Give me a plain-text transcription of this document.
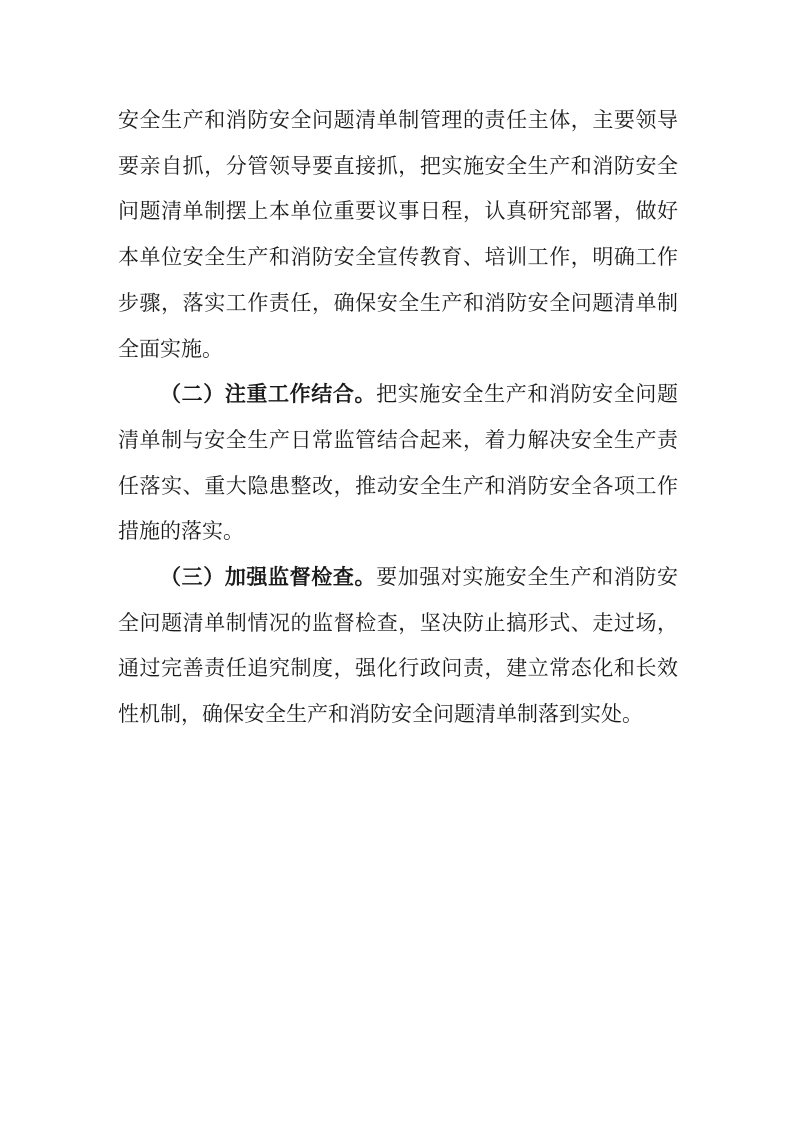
安全生产和消防安全问题清单制管理的责任主体，主要领导要亲自抓，分管领导要直接抓，把实施安全生产和消防安全问题清单制摆上本单位重要议事日程，认真研究部署，做好本单位安全生产和消防安全宣传教育、培训工作，明确工作步骤，落实工作责任，确保安全生产和消防安全问题清单制全面实施。

（二）注重工作结合。把实施安全生产和消防安全问题清单制与安全生产日常监管结合起来，着力解决安全生产责任落实、重大隐患整改，推动安全生产和消防安全各项工作措施的落实。

（三）加强监督检查。要加强对实施安全生产和消防安全问题清单制情况的监督检查，坚决防止搞形式、走过场，通过完善责任追究制度，强化行政问责，建立常态化和长效性机制，确保安全生产和消防安全问题清单制落到实处。
